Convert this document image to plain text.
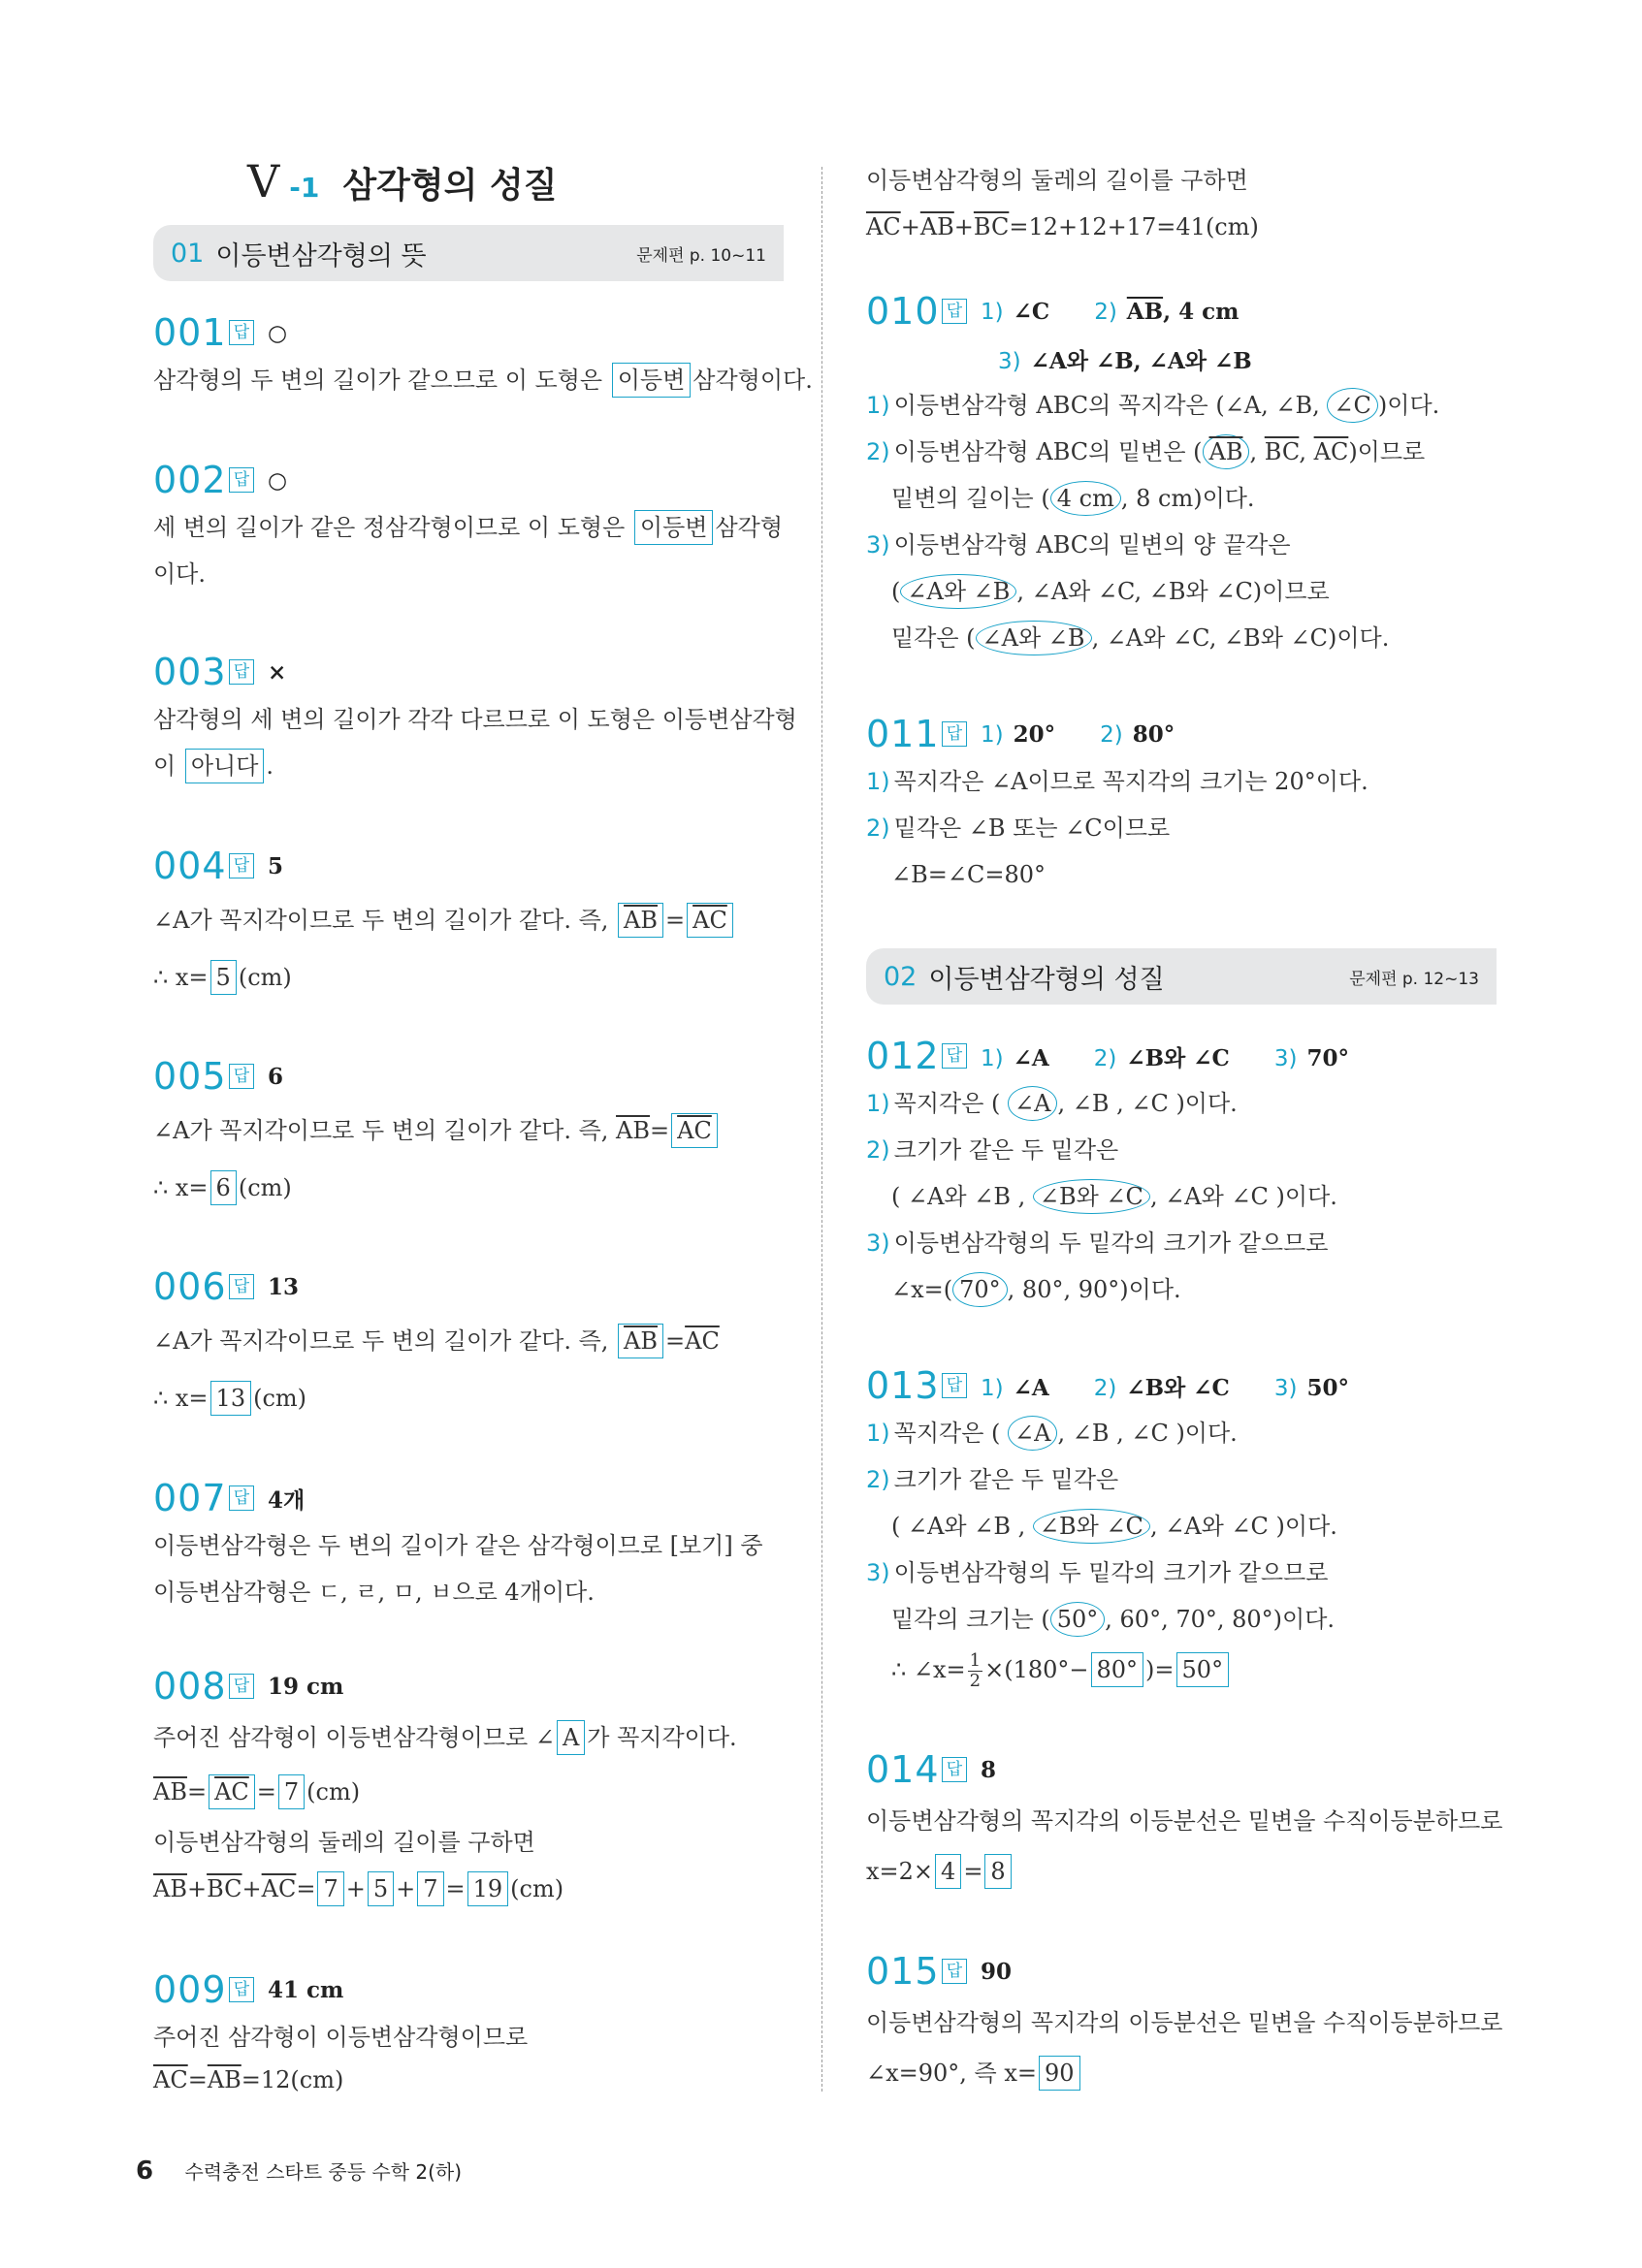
V -1 삼각형의 성질
01 이등변삼각형의 뜻	문제편 p. 10~11
001 답 ○
삼각형의 두 변의 길이가 같으므로 이 도형은 이등변 삼각형이다.
002 답 ○
세 변의 길이가 같은 정삼각형이므로 이 도형은 이등변 삼각형
이다.
003 답 ×
삼각형의 세 변의 길이가 각각 다르므로 이 도형은 이등변삼각형
이 아니다 .
004 답 5
∠A가 꼭지각이므로 두 변의 길이가 같다. 즉, $\overline{AB} = \overline{AC}$
∴ x= 5 (cm)
005 답 6
∠A가 꼭지각이므로 두 변의 길이가 같다. 즉, $\overline{AB}= \overline{AC}$
∴ x= 6 (cm)
006 답 13
∠A가 꼭지각이므로 두 변의 길이가 같다. 즉, $\overline{AB} =\overline{AC}$
∴ x= 13 (cm)
007 답 4개
이등변삼각형은 두 변의 길이가 같은 삼각형이므로 [보기] 중
이등변삼각형은 ㄷ, ㄹ, ㅁ, ㅂ으로 4개이다.
008 답 19 cm
주어진 삼각형이 이등변삼각형이므로 ∠ A 가 꼭지각이다.
$\overline{AB}= \overline{AC} = 7$ (cm)
이등변삼각형의 둘레의 길이를 구하면
$\overline{AB}+\overline{BC}+\overline{AC}= 7 + 5 + 7 = 19$ (cm)
009 답 41 cm
주어진 삼각형이 이등변삼각형이므로
$\overline{AC}=\overline{AB}=12(cm)$
이등변삼각형의 둘레의 길이를 구하면
$\overline{AC}+\overline{AB}+\overline{BC}=12+12+17=41(cm)$
010 답 1) ∠C 2) $\overline{AB}$, 4 cm
3) ∠A와 ∠B, ∠A와 ∠B
1) 이등변삼각형 ABC의 꼭지각은 (∠A, ∠B, ∠C )이다.
2) 이등변삼각형 ABC의 밑변은 ( $\overline{AB}$ , $\overline{BC}$, $\overline{AC}$)이므로
밑변의 길이는 ( 4 cm , 8 cm)이다.
3) 이등변삼각형 ABC의 밑변의 양 끝각은
( ∠A와 ∠B , ∠A와 ∠C, ∠B와 ∠C)이므로
밑각은 ( ∠A와 ∠B , ∠A와 ∠C, ∠B와 ∠C)이다.
011 답 1) 20° 2) 80°
1) 꼭지각은 ∠A이므로 꼭지각의 크기는 20°이다.
2) 밑각은 ∠B 또는 ∠C이므로
∠B=∠C=80°
02 이등변삼각형의 성질	문제편 p. 12~13
012 답 1) ∠A 2) ∠B와 ∠C 3) 70°
1) 꼭지각은 ( ∠A , ∠B , ∠C )이다.
2) 크기가 같은 두 밑각은
( ∠A와 ∠B , ∠B와 ∠C , ∠A와 ∠C )이다.
3) 이등변삼각형의 두 밑각의 크기가 같으므로
∠x=( 70° , 80°, 90°)이다.
013 답 1) ∠A 2) ∠B와 ∠C 3) 50°
1) 꼭지각은 ( ∠A , ∠B , ∠C )이다.
2) 크기가 같은 두 밑각은
( ∠A와 ∠B , ∠B와 ∠C , ∠A와 ∠C )이다.
3) 이등변삼각형의 두 밑각의 크기가 같으므로
밑각의 크기는 ( 50° , 60°, 70°, 80°)이다.
∴ ∠x= $\frac{1}{2} \times(180^\circ- 80^\circ$ )= 50°
014 답 8
이등변삼각형의 꼭지각의 이등분선은 밑변을 수직이등분하므로
x=2× 4 = 8
015 답 90
이등변삼각형의 꼭지각의 이등분선은 밑변을 수직이등분하므로
∠x=90°, 즉 x= 90
6 수력충전 스타트 중등 수학 2(하)
